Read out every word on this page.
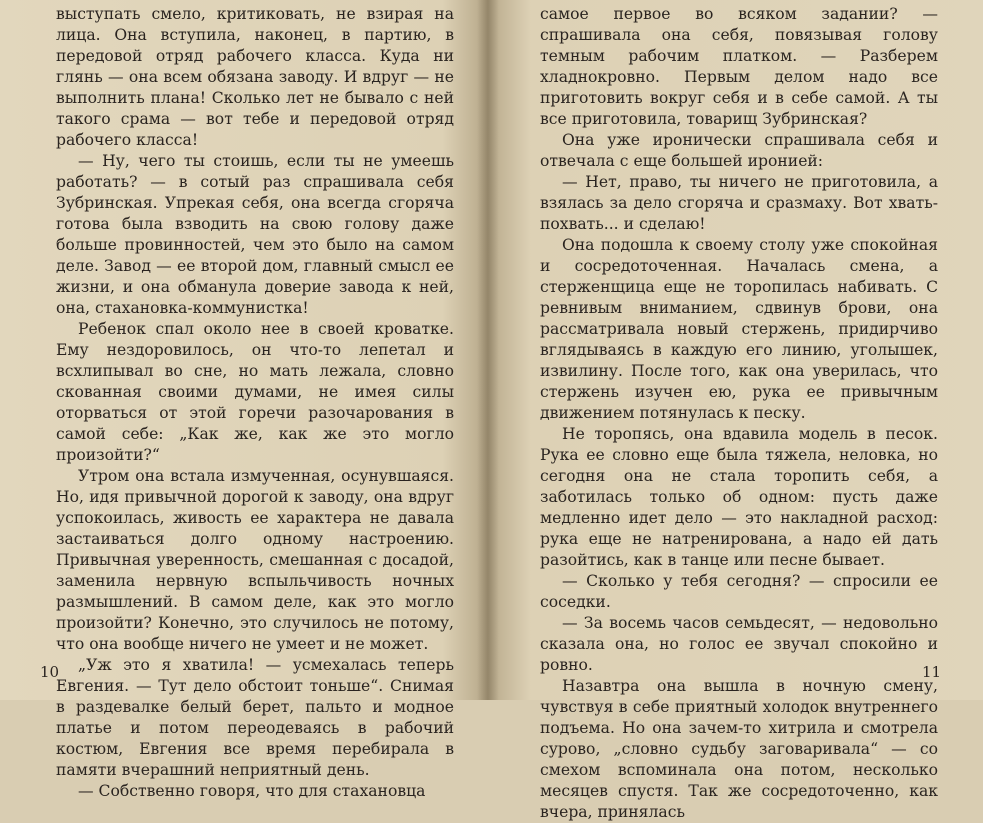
выступать смело, критиковать, не взирая на лица. Она вступила, наконец, в партию, в передовой отряд рабочего класса. Куда ни глянь — она всем обязана заводу. И вдруг — не выполнить плана! Сколько лет не бывало с ней такого срама — вот тебе и передовой отряд рабочего класса!

— Ну, чего ты стоишь, если ты не умеешь работать? — в сотый раз спрашивала себя Зубринская. Упрекая себя, она всегда сгоряча готова была взводить на свою голову даже больше провинностей, чем это было на самом деле. Завод — ее второй дом, главный смысл ее жизни, и она обманула доверие завода к ней, она, стахановка-коммунистка!

Ребенок спал около нее в своей кроватке. Ему нездоровилось, он что-то лепетал и всхлипывал во сне, но мать лежала, словно скованная своими думами, не имея силы оторваться от этой горечи разочарования в самой себе: „Как же, как же это могло произойти?“

Утром она встала измученная, осунувшаяся. Но, идя привычной дорогой к заводу, она вдруг успокоилась, живость ее характера не давала застаиваться долго одному настроению. Привычная уверенность, смешанная с досадой, заменила нервную вспыльчивость ночных размышлений. В самом деле, как это могло произойти? Конечно, это случилось не потому, что она вообще ничего не умеет и не может.

„Уж это я хватила! — усмехалась теперь Евгения. — Тут дело обстоит тоньше“. Снимая в раздевалке белый берет, пальто и модное платье и потом переодеваясь в рабочий костюм, Евгения все время перебирала в памяти вчерашний неприятный день.

— Собственно говоря, что для стахановца

10

самое первое во всяком задании? — спрашивала она себя, повязывая голову темным рабочим платком. — Разберем хладнокровно. Первым делом надо все приготовить вокруг себя и в себе самой. А ты все приготовила, товарищ Зубринская?

Она уже иронически спрашивала себя и отвечала с еще большей иронией:

— Нет, право, ты ничего не приготовила, а взялась за дело сгоряча и сразмаху. Вот хвать-похвать... и сделаю!

Она подошла к своему столу уже спокойная и сосредоточенная. Началась смена, а стерженщица еще не торопилась набивать. С ревнивым вниманием, сдвинув брови, она рассматривала новый стержень, придирчиво вглядываясь в каждую его линию, уголышек, извилину. После того, как она уверилась, что стержень изучен ею, рука ее привычным движением потянулась к песку.

Не торопясь, она вдавила модель в песок. Рука ее словно еще была тяжела, неловка, но сегодня она не стала торопить себя, а заботилась только об одном: пусть даже медленно идет дело — это накладной расход: рука еще не натренирована, а надо ей дать разойтись, как в танце или песне бывает.

— Сколько у тебя сегодня? — спросили ее соседки.

— За восемь часов семьдесят, — недовольно сказала она, но голос ее звучал спокойно и ровно.

Назавтра она вышла в ночную смену, чувствуя в себе приятный холодок внутреннего подъема. Но она зачем-то хитрила и смотрела сурово, „словно судьбу заговаривала“ — со смехом вспоминала она потом, несколько месяцев спустя. Так же сосредоточенно, как вчера, принялась

11
